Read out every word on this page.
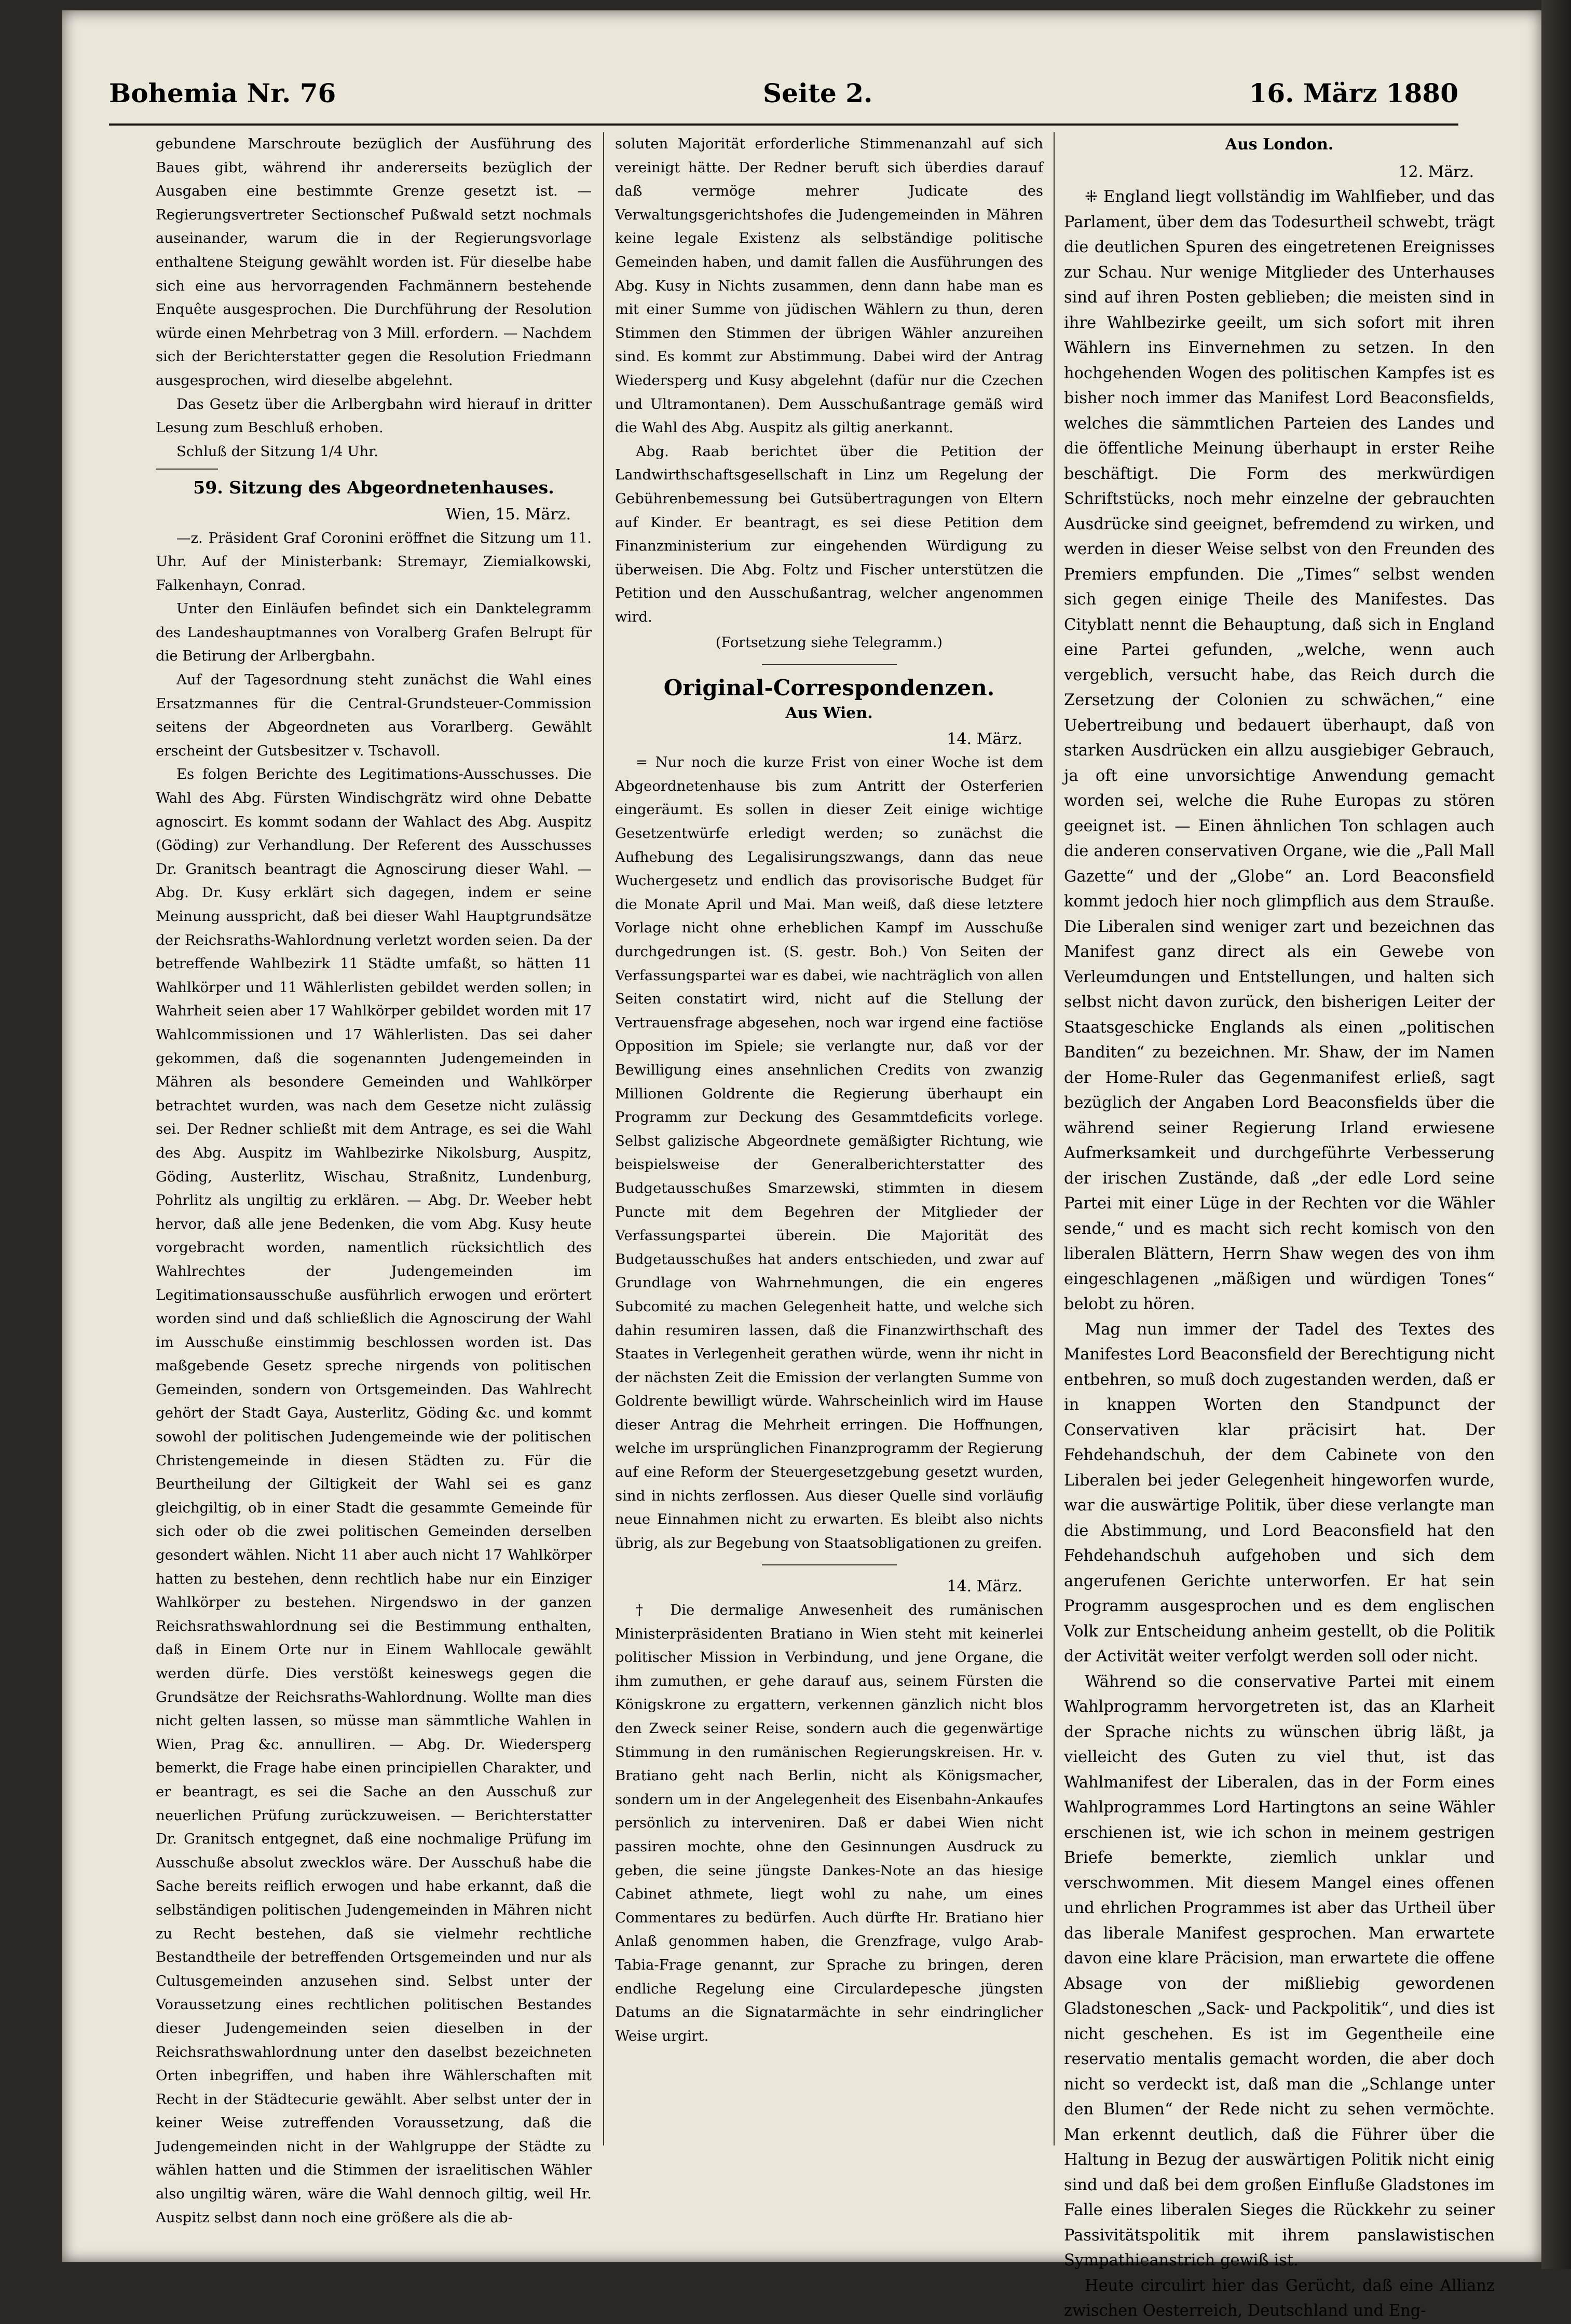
Bohemia Nr. 76	Seite 2.	16. März 1880

gebundene Marschroute bezüglich der Ausführung des Baues gibt, während ihr andererseits bezüglich der Ausgaben eine bestimmte Grenze gesetzt ist. — Regierungsvertreter Sectionschef Pußwald setzt nochmals auseinander, warum die in der Regierungsvorlage enthaltene Steigung gewählt worden ist. Für dieselbe habe sich eine aus hervorragenden Fachmännern bestehende Enquête ausgesprochen. Die Durchführung der Resolution würde einen Mehrbetrag von 3 Mill. erfordern. — Nachdem sich der Berichterstatter gegen die Resolution Friedmann ausgesprochen, wird dieselbe abgelehnt.

Das Gesetz über die Arlbergbahn wird hierauf in dritter Lesung zum Beschluß erhoben.

Schluß der Sitzung 1/4 Uhr.

59. Sitzung des Abgeordnetenhauses.
Wien, 15. März.

—z. Präsident Graf Coronini eröffnet die Sitzung um 11. Uhr. Auf der Ministerbank: Stremayr, Ziemialkowski, Falkenhayn, Conrad.

Unter den Einläufen befindet sich ein Danktelegramm des Landeshauptmannes von Voralberg Grafen Belrupt für die Betirung der Arlbergbahn.

Auf der Tagesordnung steht zunächst die Wahl eines Ersatzmannes für die Central-Grundsteuer-Commission seitens der Abgeordneten aus Vorarlberg. Gewählt erscheint der Gutsbesitzer v. Tschavoll.

Es folgen Berichte des Legitimations-Ausschusses. Die Wahl des Abg. Fürsten Windischgrätz wird ohne Debatte agnoscirt. Es kommt sodann der Wahlact des Abg. Auspitz (Göding) zur Verhandlung. Der Referent des Ausschusses Dr. Granitsch beantragt die Agnoscirung dieser Wahl. — Abg. Dr. Kusy erklärt sich dagegen, indem er seine Meinung ausspricht, daß bei dieser Wahl Hauptgrundsätze der Reichsraths-Wahlordnung verletzt worden seien. Da der betreffende Wahlbezirk 11 Städte umfaßt, so hätten 11 Wahlkörper und 11 Wählerlisten gebildet werden sollen; in Wahrheit seien aber 17 Wahlkörper gebildet worden mit 17 Wahlcommissionen und 17 Wählerlisten. Das sei daher gekommen, daß die sogenannten Judengemeinden in Mähren als besondere Gemeinden und Wahlkörper betrachtet wurden, was nach dem Gesetze nicht zulässig sei. Der Redner schließt mit dem Antrage, es sei die Wahl des Abg. Auspitz im Wahlbezirke Nikolsburg, Auspitz, Göding, Austerlitz, Wischau, Straßnitz, Lundenburg, Pohrlitz als ungiltig zu erklären. — Abg. Dr. Weeber hebt hervor, daß alle jene Bedenken, die vom Abg. Kusy heute vorgebracht worden, namentlich rücksichtlich des Wahlrechtes der Judengemeinden im Legitimationsausschuße ausführlich erwogen und erörtert worden sind und daß schließlich die Agnoscirung der Wahl im Ausschuße einstimmig beschlossen worden ist. Das maßgebende Gesetz spreche nirgends von politischen Gemeinden, sondern von Ortsgemeinden. Das Wahlrecht gehört der Stadt Gaya, Austerlitz, Göding &c. und kommt sowohl der politischen Judengemeinde wie der politischen Christengemeinde in diesen Städten zu. Für die Beurtheilung der Giltigkeit der Wahl sei es ganz gleichgiltig, ob in einer Stadt die gesammte Gemeinde für sich oder ob die zwei politischen Gemeinden derselben gesondert wählen. Nicht 11 aber auch nicht 17 Wahlkörper hatten zu bestehen, denn rechtlich habe nur ein Einziger Wahlkörper zu bestehen. Nirgendswo in der ganzen Reichsrathswahlordnung sei die Bestimmung enthalten, daß in Einem Orte nur in Einem Wahllocale gewählt werden dürfe. Dies verstößt keineswegs gegen die Grundsätze der Reichsraths-Wahlordnung. Wollte man dies nicht gelten lassen, so müsse man sämmtliche Wahlen in Wien, Prag &c. annulliren. — Abg. Dr. Wiedersperg bemerkt, die Frage habe einen principiellen Charakter, und er beantragt, es sei die Sache an den Ausschuß zur neuerlichen Prüfung zurückzuweisen. — Berichterstatter Dr. Granitsch entgegnet, daß eine nochmalige Prüfung im Ausschuße absolut zwecklos wäre. Der Ausschuß habe die Sache bereits reiflich erwogen und habe erkannt, daß die selbständigen politischen Judengemeinden in Mähren nicht zu Recht bestehen, daß sie vielmehr rechtliche Bestandtheile der betreffenden Ortsgemeinden und nur als Cultusgemeinden anzusehen sind. Selbst unter der Voraussetzung eines rechtlichen politischen Bestandes dieser Judengemeinden seien dieselben in der Reichsrathswahlordnung unter den daselbst bezeichneten Orten inbegriffen, und haben ihre Wählerschaften mit Recht in der Städtecurie gewählt. Aber selbst unter der in keiner Weise zutreffenden Voraussetzung, daß die Judengemeinden nicht in der Wahlgruppe der Städte zu wählen hatten und die Stimmen der israelitischen Wähler also ungiltig wären, wäre die Wahl dennoch giltig, weil Hr. Auspitz selbst dann noch eine größere als die ab-

soluten Majorität erforderliche Stimmenanzahl auf sich vereinigt hätte. Der Redner beruft sich überdies darauf daß vermöge mehrer Judicate des Verwaltungsgerichtshofes die Judengemeinden in Mähren keine legale Existenz als selbständige politische Gemeinden haben, und damit fallen die Ausführungen des Abg. Kusy in Nichts zusammen, denn dann habe man es mit einer Summe von jüdischen Wählern zu thun, deren Stimmen den Stimmen der übrigen Wähler anzureihen sind. Es kommt zur Abstimmung. Dabei wird der Antrag Wiedersperg und Kusy abgelehnt (dafür nur die Czechen und Ultramontanen). Dem Ausschußantrage gemäß wird die Wahl des Abg. Auspitz als giltig anerkannt.

Abg. Raab berichtet über die Petition der Landwirthschaftsgesellschaft in Linz um Regelung der Gebührenbemessung bei Gutsübertragungen von Eltern auf Kinder. Er beantragt, es sei diese Petition dem Finanzministerium zur eingehenden Würdigung zu überweisen. Die Abg. Foltz und Fischer unterstützen die Petition und den Ausschußantrag, welcher angenommen wird.

(Fortsetzung siehe Telegramm.)
Original-Correspondenzen.
Aus Wien.
14. März.

= Nur noch die kurze Frist von einer Woche ist dem Abgeordnetenhause bis zum Antritt der Osterferien eingeräumt. Es sollen in dieser Zeit einige wichtige Gesetzentwürfe erledigt werden; so zunächst die Aufhebung des Legalisirungszwangs, dann das neue Wuchergesetz und endlich das provisorische Budget für die Monate April und Mai. Man weiß, daß diese letztere Vorlage nicht ohne erheblichen Kampf im Ausschuße durchgedrungen ist. (S. gestr. Boh.) Von Seiten der Verfassungspartei war es dabei, wie nachträglich von allen Seiten constatirt wird, nicht auf die Stellung der Vertrauensfrage abgesehen, noch war irgend eine factiöse Opposition im Spiele; sie verlangte nur, daß vor der Bewilligung eines ansehnlichen Credits von zwanzig Millionen Goldrente die Regierung überhaupt ein Programm zur Deckung des Gesammtdeficits vorlege. Selbst galizische Abgeordnete gemäßigter Richtung, wie beispielsweise der Generalberichterstatter des Budgetausschußes Smarzewski, stimmten in diesem Puncte mit dem Begehren der Mitglieder der Verfassungspartei überein. Die Majorität des Budgetausschußes hat anders entschieden, und zwar auf Grundlage von Wahrnehmungen, die ein engeres Subcomité zu machen Gelegenheit hatte, und welche sich dahin resumiren lassen, daß die Finanzwirthschaft des Staates in Verlegenheit gerathen würde, wenn ihr nicht in der nächsten Zeit die Emission der verlangten Summe von Goldrente bewilligt würde. Wahrscheinlich wird im Hause dieser Antrag die Mehrheit erringen. Die Hoffnungen, welche im ursprünglichen Finanzprogramm der Regierung auf eine Reform der Steuergesetzgebung gesetzt wurden, sind in nichts zerflossen. Aus dieser Quelle sind vorläufig neue Einnahmen nicht zu erwarten. Es bleibt also nichts übrig, als zur Begebung von Staatsobligationen zu greifen.

14. März.

† Die dermalige Anwesenheit des rumänischen Ministerpräsidenten Bratiano in Wien steht mit keinerlei politischer Mission in Verbindung, und jene Organe, die ihm zumuthen, er gehe darauf aus, seinem Fürsten die Königskrone zu ergattern, verkennen gänzlich nicht blos den Zweck seiner Reise, sondern auch die gegenwärtige Stimmung in den rumänischen Regierungskreisen. Hr. v. Bratiano geht nach Berlin, nicht als Königsmacher, sondern um in der Angelegenheit des Eisenbahn-Ankaufes persönlich zu interveniren. Daß er dabei Wien nicht passiren mochte, ohne den Gesinnungen Ausdruck zu geben, die seine jüngste Dankes-Note an das hiesige Cabinet athmete, liegt wohl zu nahe, um eines Commentares zu bedürfen. Auch dürfte Hr. Bratiano hier Anlaß genommen haben, die Grenzfrage, vulgo Arab-Tabia-Frage genannt, zur Sprache zu bringen, deren endliche Regelung eine Circulardepesche jüngsten Datums an die Signatarmächte in sehr eindringlicher Weise urgirt.

Aus London.
12. März.

⁜ England liegt vollständig im Wahlfieber, und das Parlament, über dem das Todesurtheil schwebt, trägt die deutlichen Spuren des eingetretenen Ereignisses zur Schau. Nur wenige Mitglieder des Unterhauses sind auf ihren Posten geblieben; die meisten sind in ihre Wahlbezirke geeilt, um sich sofort mit ihren Wählern ins Einvernehmen zu setzen. In den hochgehenden Wogen des politischen Kampfes ist es bisher noch immer das Manifest Lord Beaconsfields, welches die sämmtlichen Parteien des Landes und die öffentliche Meinung überhaupt in erster Reihe beschäftigt. Die Form des merkwürdigen Schriftstücks, noch mehr einzelne der gebrauchten Ausdrücke sind geeignet, befremdend zu wirken, und werden in dieser Weise selbst von den Freunden des Premiers empfunden. Die „Times“ selbst wenden sich gegen einige Theile des Manifestes. Das Cityblatt nennt die Behauptung, daß sich in England eine Partei gefunden, „welche, wenn auch vergeblich, versucht habe, das Reich durch die Zersetzung der Colonien zu schwächen,“ eine Uebertreibung und bedauert überhaupt, daß von starken Ausdrücken ein allzu ausgiebiger Gebrauch, ja oft eine unvorsichtige Anwendung gemacht worden sei, welche die Ruhe Europas zu stören geeignet ist. — Einen ähnlichen Ton schlagen auch die anderen conservativen Organe, wie die „Pall Mall Gazette“ und der „Globe“ an. Lord Beaconsfield kommt jedoch hier noch glimpflich aus dem Strauße. Die Liberalen sind weniger zart und bezeichnen das Manifest ganz direct als ein Gewebe von Verleumdungen und Entstellungen, und halten sich selbst nicht davon zurück, den bisherigen Leiter der Staatsgeschicke Englands als einen „politischen Banditen“ zu bezeichnen. Mr. Shaw, der im Namen der Home-Ruler das Gegenmanifest erließ, sagt bezüglich der Angaben Lord Beaconsfields über die während seiner Regierung Irland erwiesene Aufmerksamkeit und durchgeführte Verbesserung der irischen Zustände, daß „der edle Lord seine Partei mit einer Lüge in der Rechten vor die Wähler sende,“ und es macht sich recht komisch von den liberalen Blättern, Herrn Shaw wegen des von ihm eingeschlagenen „mäßigen und würdigen Tones“ belobt zu hören.

Mag nun immer der Tadel des Textes des Manifestes Lord Beaconsfield der Berechtigung nicht entbehren, so muß doch zugestanden werden, daß er in knappen Worten den Standpunct der Conservativen klar präcisirt hat. Der Fehdehandschuh, der dem Cabinete von den Liberalen bei jeder Gelegenheit hingeworfen wurde, war die auswärtige Politik, über diese verlangte man die Abstimmung, und Lord Beaconsfield hat den Fehdehandschuh aufgehoben und sich dem angerufenen Gerichte unterworfen. Er hat sein Programm ausgesprochen und es dem englischen Volk zur Entscheidung anheim gestellt, ob die Politik der Activität weiter verfolgt werden soll oder nicht.

Während so die conservative Partei mit einem Wahlprogramm hervorgetreten ist, das an Klarheit der Sprache nichts zu wünschen übrig läßt, ja vielleicht des Guten zu viel thut, ist das Wahlmanifest der Liberalen, das in der Form eines Wahlprogrammes Lord Hartingtons an seine Wähler erschienen ist, wie ich schon in meinem gestrigen Briefe bemerkte, ziemlich unklar und verschwommen. Mit diesem Mangel eines offenen und ehrlichen Programmes ist aber das Urtheil über das liberale Manifest gesprochen. Man erwartete davon eine klare Präcision, man erwartete die offene Absage von der mißliebig gewordenen Gladstoneschen „Sack- und Packpolitik“, und dies ist nicht geschehen. Es ist im Gegentheile eine reservatio mentalis gemacht worden, die aber doch nicht so verdeckt ist, daß man die „Schlange unter den Blumen“ der Rede nicht zu sehen vermöchte. Man erkennt deutlich, daß die Führer über die Haltung in Bezug der auswärtigen Politik nicht einig sind und daß bei dem großen Einfluße Gladstones im Falle eines liberalen Sieges die Rückkehr zu seiner Passivitätspolitik mit ihrem panslawistischen Sympathieanstrich gewiß ist.

Heute circulirt hier das Gerücht, daß eine Allianz zwischen Oesterreich, Deutschland und Eng-
